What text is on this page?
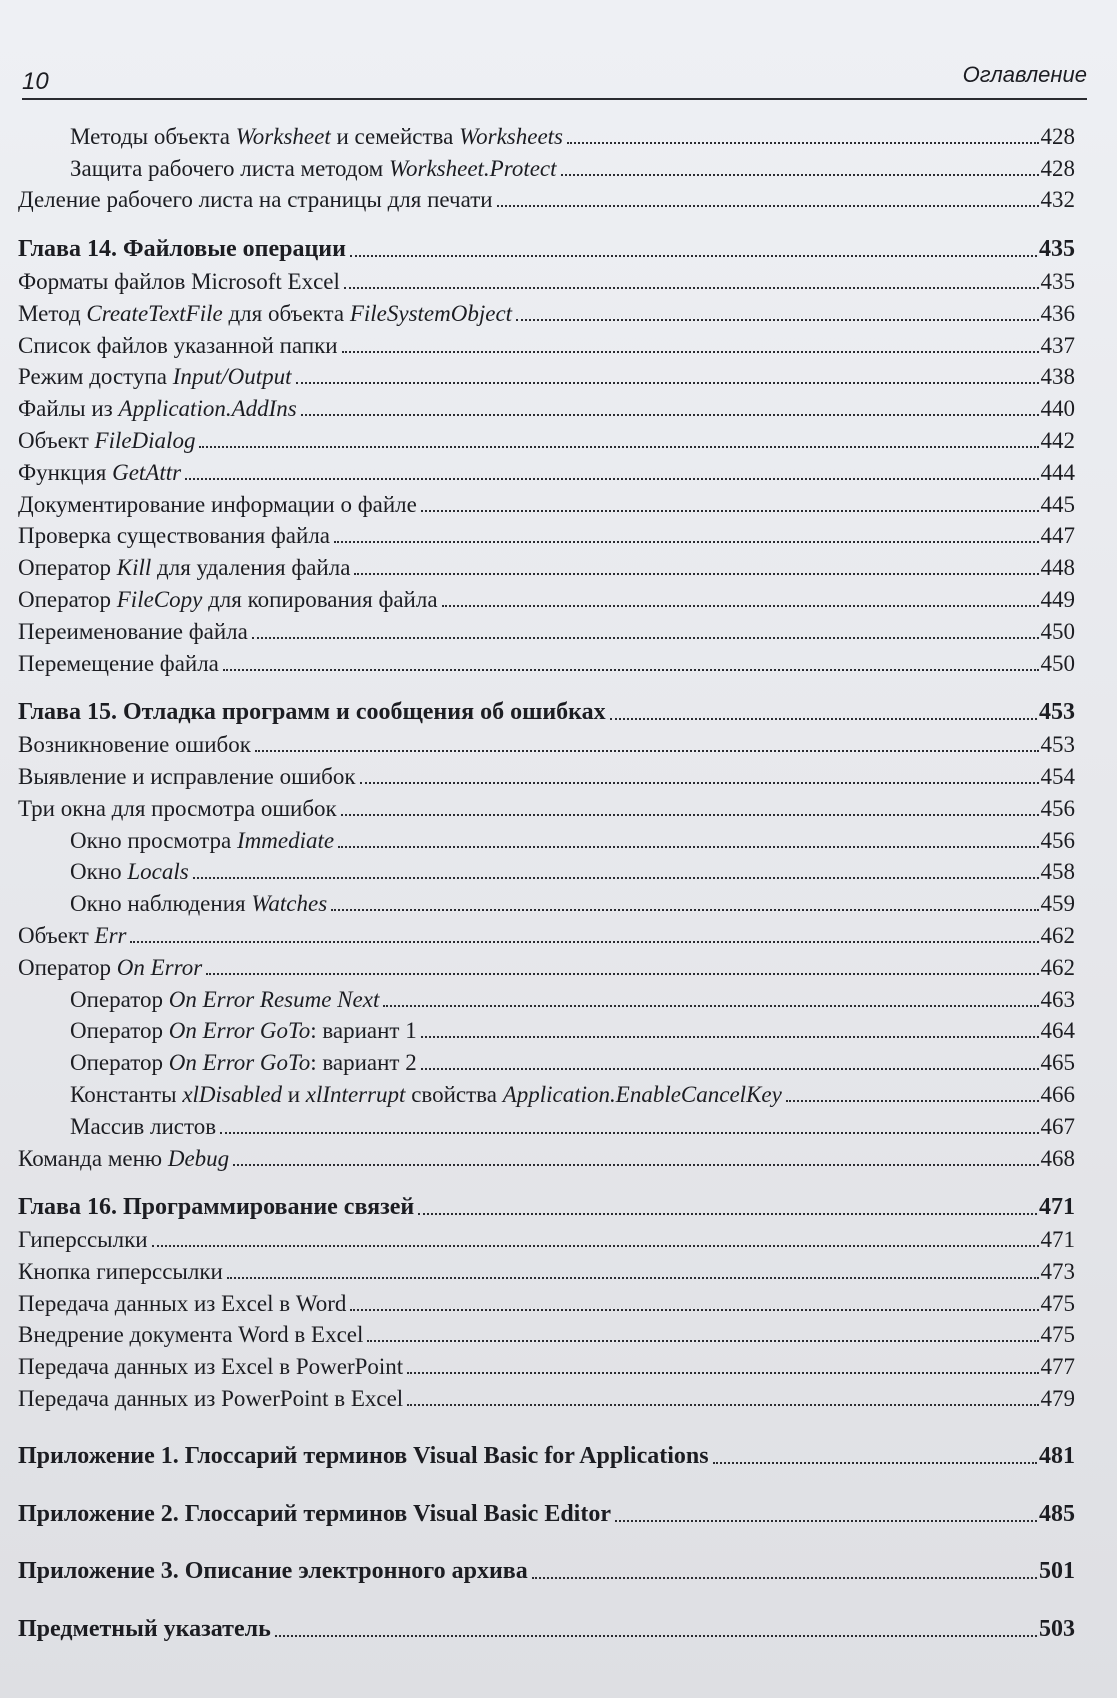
10	Оглавление
Методы объекта Worksheet и семейства Worksheets	428
Защита рабочего листа методом Worksheet.Protect	428
Деление рабочего листа на страницы для печати	432
Глава 14. Файловые операции	435
Форматы файлов Microsoft Excel	435
Метод CreateTextFile для объекта FileSystemObject	436
Список файлов указанной папки	437
Режим доступа Input/Output	438
Файлы из Application.AddIns	440
Объект FileDialog	442
Функция GetAttr	444
Документирование информации о файле	445
Проверка существования файла	447
Оператор Kill для удаления файла	448
Оператор FileCopy для копирования файла	449
Переименование файла	450
Перемещение файла	450
Глава 15. Отладка программ и сообщения об ошибках	453
Возникновение ошибок	453
Выявление и исправление ошибок	454
Три окна для просмотра ошибок	456
Окно просмотра Immediate	456
Окно Locals	458
Окно наблюдения Watches	459
Объект Err	462
Оператор On Error	462
Оператор On Error Resume Next	463
Оператор On Error GoTo: вариант 1	464
Оператор On Error GoTo: вариант 2	465
Константы xlDisabled и xlInterrupt свойства Application.EnableCancelKey	466
Массив листов	467
Команда меню Debug	468
Глава 16. Программирование связей	471
Гиперссылки	471
Кнопка гиперссылки	473
Передача данных из Excel в Word	475
Внедрение документа Word в Excel	475
Передача данных из Excel в PowerPoint	477
Передача данных из PowerPoint в Excel	479
Приложение 1. Глоссарий терминов Visual Basic for Applications	481
Приложение 2. Глоссарий терминов Visual Basic Editor	485
Приложение 3. Описание электронного архива	501
Предметный указатель	503
